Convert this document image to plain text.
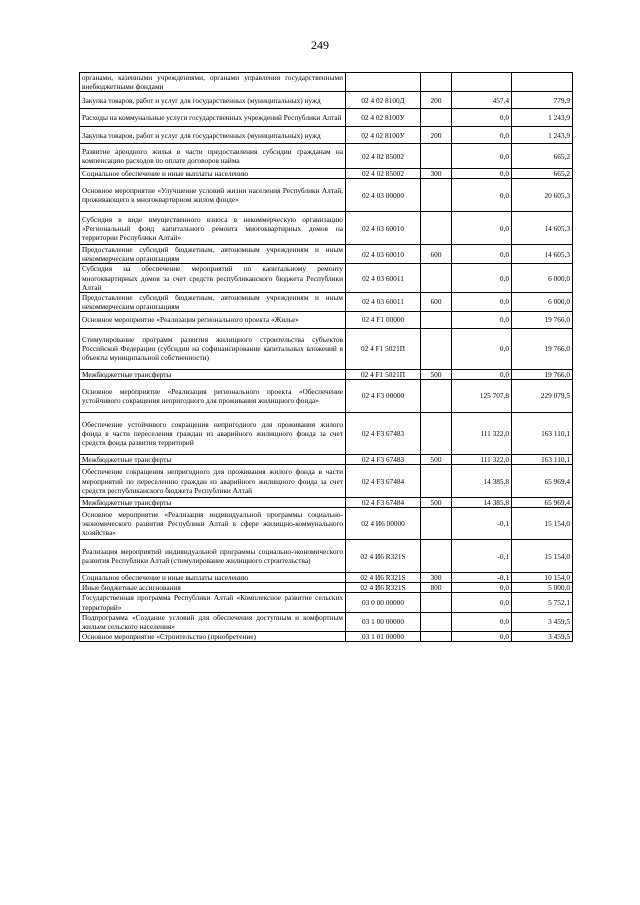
249
органами, казенными учреждениями, органами управления государственными внебюджетными фондами				
Закупка товаров, работ и услуг для государственных (муниципальных) нужд	02 4 02 8100Д	200	457,4	779,9
Расходы на коммунальные услуги государственных учреждений Республики Алтай	02 4 02 8100У		0,0	1 243,9
Закупка товаров, работ и услуг для государственных (муниципальных) нужд	02 4 02 8100У	200	0,0	1 243,9
Развитие арендного жилья в части предоставления субсидии гражданам на компенсацию расходов по оплате договоров найма	02 4 02 85002		0,0	665,2
Социальное обеспечение и иные выплаты населению	02 4 02 85002	300	0,0	665,2
Основное мероприятие «Улучшение условий жизни населения Республики Алтай, проживающего в многоквартирном жилом фонде»	02 4 03 00000		0,0	20 605,3
Субсидия в виде имущественного взноса в некоммерческую организацию «Региональный фонд капитального ремонта многоквартирных домов на территории Республики Алтай»	02 4 03 60010		0,0	14 605,3
Предоставление субсидий бюджетным, автономным учреждениям и иным некоммерческим организациям	02 4 03 60010	600	0,0	14 605,3
Субсидия на обеспечение мероприятий по капитальному ремонту многоквартирных домов за счет средств республиканского бюджета Республики Алтай	02 4 03 60011		0,0	6 000,0
Предоставление субсидий бюджетным, автономным учреждениям и иным некоммерческим организациям	02 4 03 60011	600	0,0	6 000,0
Основное мероприятие «Реализация регионального проекта «Жилье»	02 4 F1 00000		0,0	19 766,0
Стимулирование программ развития жилищного строительства субъектов Российской Федерации (субсидии на софинансирование капитальных вложений в объекты муниципальной собственности)	02 4 F1 5021П		0,0	19 766,0
Межбюджетные трансферты	02 4 F1 5021П	500	0,0	19 766,0
Основное мероприятие «Реализация регионального проекта «Обеспечение устойчивого сокращения непригодного для проживания жилищного фонда»	02 4 F3 00000		125 707,8	229 079,5
Обеспечение устойчивого сокращения непригодного для проживания жилого фонда в части переселения граждан из аварийного жилищного фонда за счет средств фонда развития территорий	02 4 F3 67483		111 322,0	163 110,1
Межбюджетные трансферты	02 4 F3 67483	500	111 322,0	163 110,1
Обеспечение сокращения непригодного для проживания жилого фонда в части мероприятий по переселению граждан из аварийного жилищного фонда за счет средств республиканского бюджета Республики Алтай	02 4 F3 67484		14 385,8	65 969,4
Межбюджетные трансферты	02 4 F3 67484	500	14 385,8	65 969,4
Основное мероприятие «Реализация индивидуальной программы социально-экономического развития Республики Алтай в сфере жилищно-коммунального хозяйства»	02 4 И6 00000		-0,1	15 154,0
Реализация мероприятий индивидуальной программы социально-экономического развития Республики Алтай (стимулирование жилищного строительства)	02 4 И6 R321S		-0,1	15 154,0
Социальное обеспечение и иные выплаты населению	02 4 И6 R321S	300	-0,1	10 154,0
Иные бюджетные ассигнования	02 4 И6 R321S	800	0,0	5 000,0
Государственная программа Республики Алтай «Комплексное развитие сельских территорий»	03 0 00 00000		0,0	5 752,1
Подпрограмма «Создание условий для обеспечения доступным и комфортным жильем сельского населения»	03 1 00 00000		0,0	3 459,5
Основное мероприятие «Строительство (приобретение)	03 1 01 00000		0,0	3 459,5
